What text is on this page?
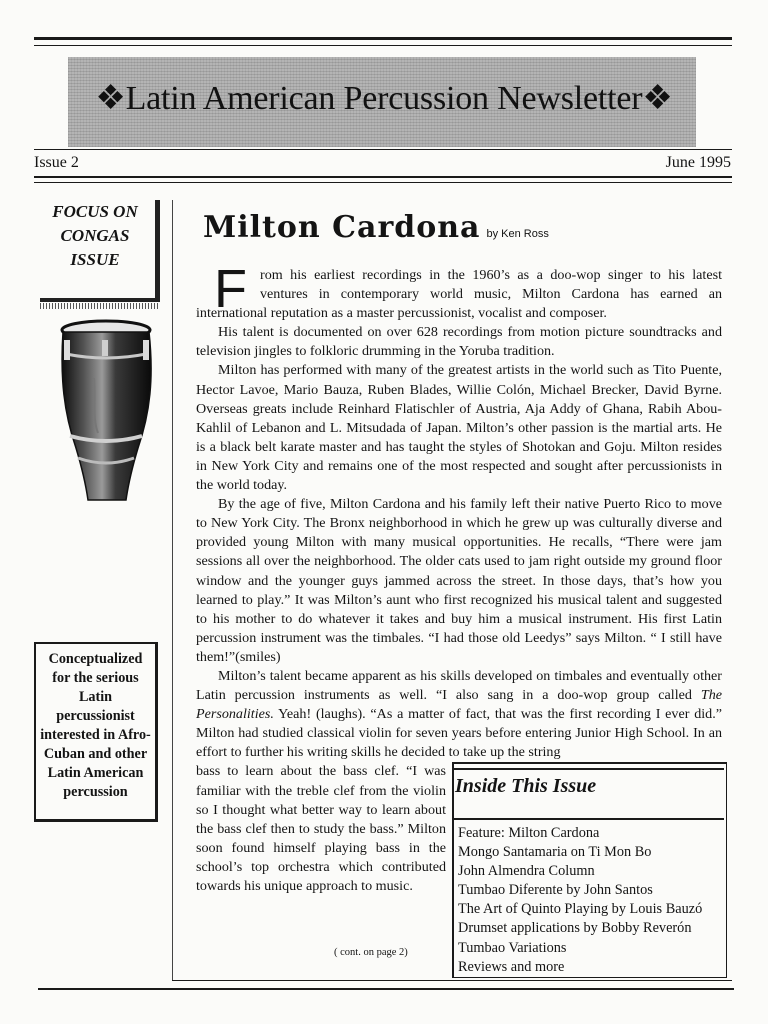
❖Latin American Percussion Newsletter❖
Issue 2	June 1995
FOCUS ON
CONGAS
ISSUE
Conceptualized
for the serious
Latin
percussionist
interested in Afro-
Cuban and other
Latin American
percussion
Milton Cardona by Ken Ross
F rom his earliest recordings in the 1960’s as a doo-wop singer to his latest

ventures in contemporary world music, Milton Cardona has earned an

international reputation as a master percussionist, vocalist and composer.

His talent is documented on over 628 recordings from motion picture soundtracks and television jingles to folkloric drumming in the Yoruba tradition.

Milton has performed with many of the greatest artists in the world such as Tito Puente, Hector Lavoe, Mario Bauza, Ruben Blades, Willie Colón, Michael Brecker, David Byrne. Overseas greats include Reinhard Flatischler of Austria, Aja Addy of Ghana, Rabih Abou-Kahlil of Lebanon and L. Mitsudada of Japan. Milton’s other passion is the martial arts. He is a black belt karate master and has taught the styles of Shotokan and Goju. Milton resides in New York City and remains one of the most respected and sought after percussionists in the world today.

By the age of five, Milton Cardona and his family left their native Puerto Rico to move to New York City. The Bronx neighborhood in which he grew up was culturally diverse and provided young Milton with many musical opportunities. He recalls, “There were jam sessions all over the neighborhood. The older cats used to jam right outside my ground floor window and the younger guys jammed across the street. In those days, that’s how you learned to play.” It was Milton’s aunt who first recognized his musical talent and suggested to his mother to do whatever it takes and buy him a musical instrument. His first Latin percussion instrument was the timbales. “I had those old Leedys” says Milton. “ I still have them!”(smiles)

Milton’s talent became apparent as his skills developed on timbales and eventually other Latin percussion instruments as well. “I also sang in a doo-wop group called The Personalities. Yeah! (laughs). “As a matter of fact, that was the first recording I ever did.” Milton had studied classical violin for seven years before entering Junior High School. In an effort to further his writing skills he decided to take up the string

bass to learn about the bass clef. “I was familiar with the treble clef from the violin so I thought what better way to learn about the bass clef then to study the bass.” Milton soon found himself playing bass in the school’s top orchestra which contributed towards his unique approach to music.

( cont. on page 2)
Inside This Issue
Feature: Milton Cardona
Mongo Santamaria on Ti Mon Bo
John Almendra Column
Tumbao Diferente by John Santos
The Art of Quinto Playing by Louis Bauzó
Drumset applications by Bobby Reverón
Tumbao Variations
Reviews and more
